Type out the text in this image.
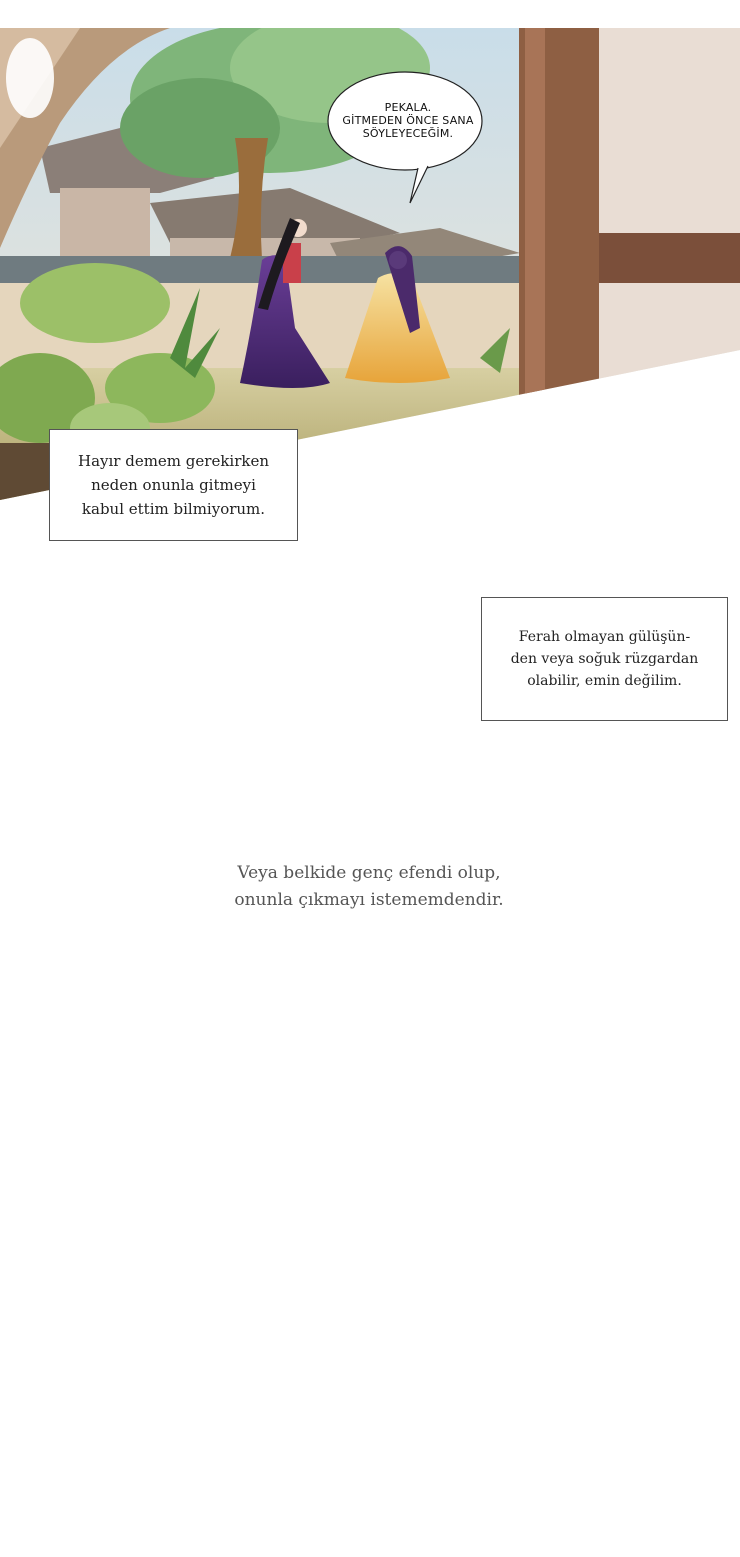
PEKALA.
GİTMEDEN ÖNCE SANA
SÖYLEYECEĞİM.
Hayır demem gerekirken
neden onunla gitmeyi
kabul ettim bilmiyorum.
Ferah olmayan gülüşün-
den veya soğuk rüzgardan
olabilir, emin değilim.
Veya belkide genç efendi olup,
onunla çıkmayı istememdendir.
